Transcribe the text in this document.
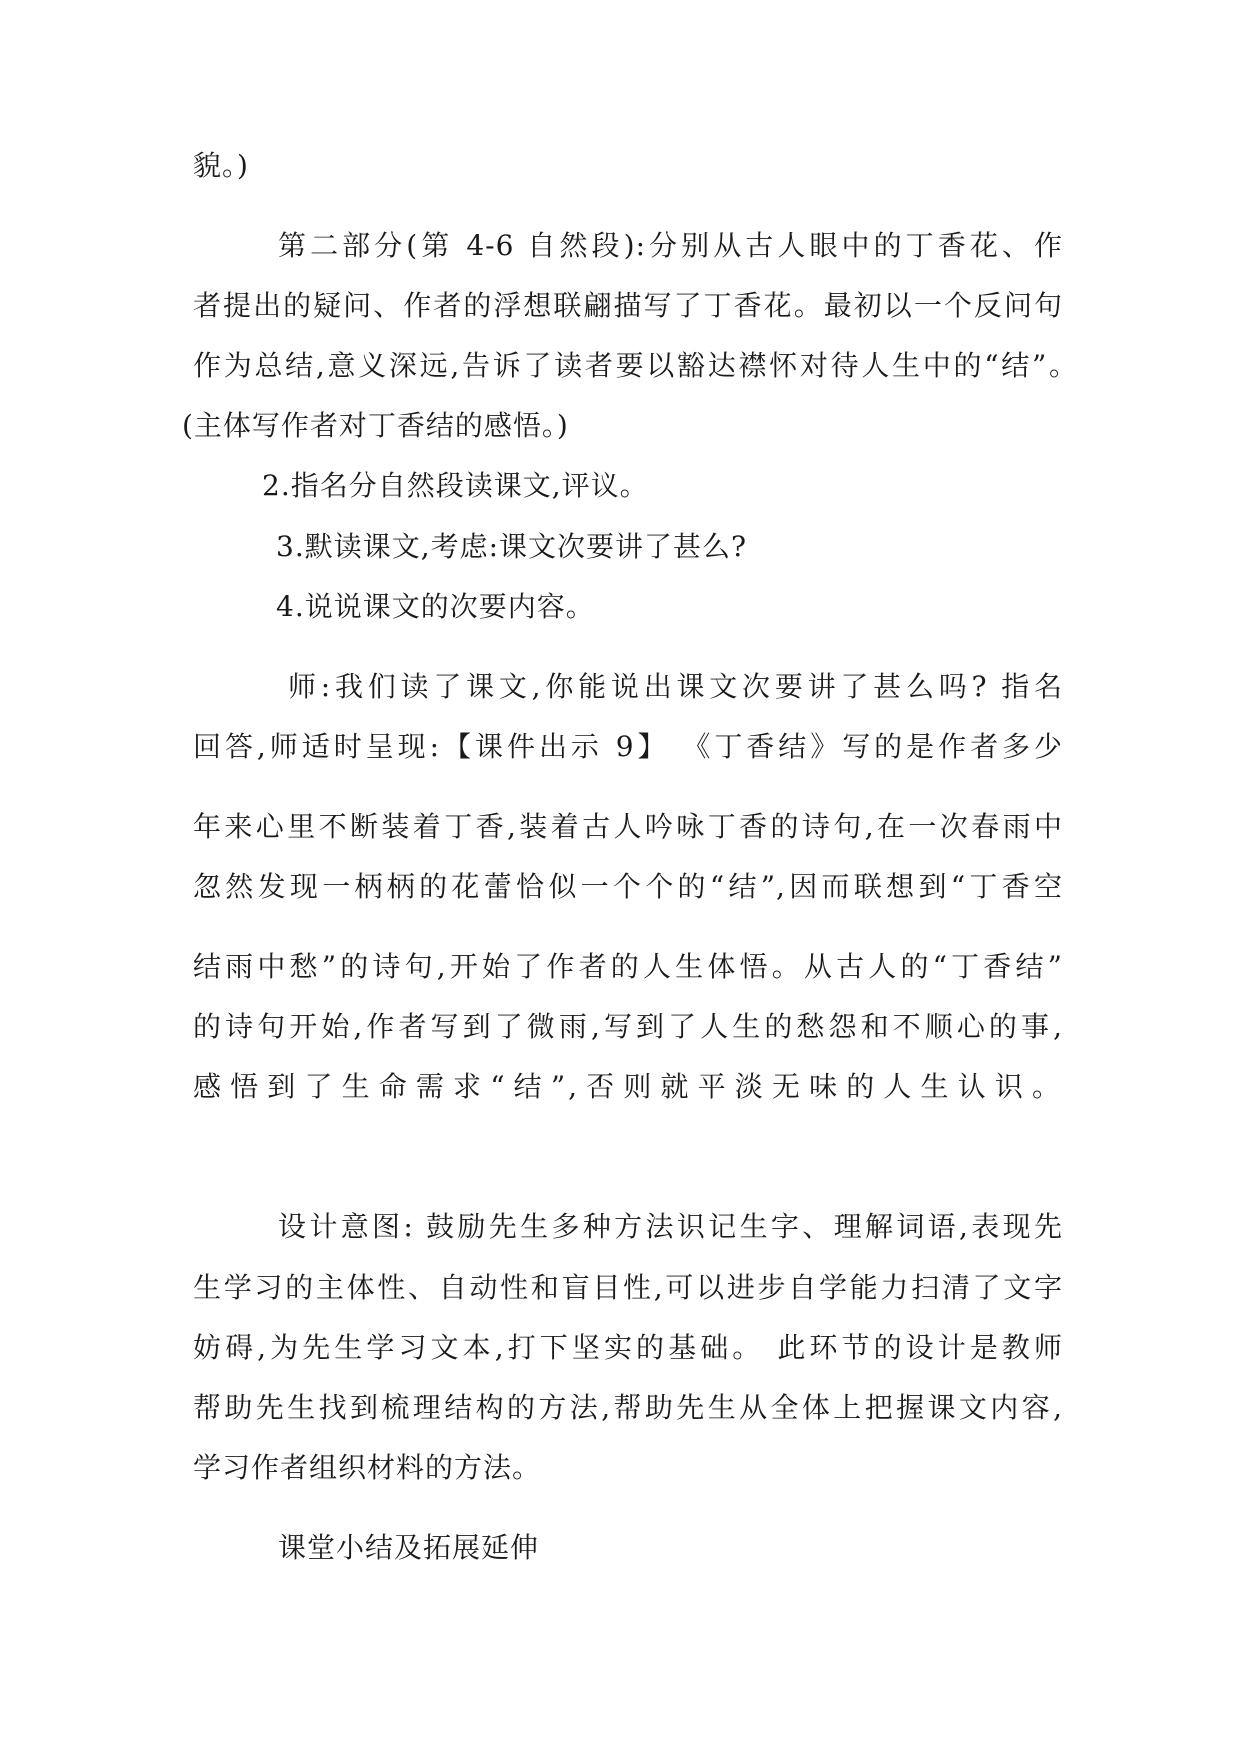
貌。)
第二部分(第 4-6 自然段):分别从古人眼中的丁香花、作
者提出的疑问、作者的浮想联翩描写了丁香花。最初以一个反问句
作为总结,意义深远,告诉了读者要以豁达襟怀对待人生中的“结”。
(主体写作者对丁香结的感悟。)
2.指名分自然段读课文,评议。
3.默读课文,考虑:课文次要讲了甚么?
4.说说课文的次要内容。
师:我们读了课文,你能说出课文次要讲了甚么吗? 指名
回答,师适时呈现:【课件出示 9】 《丁香结》写的是作者多少
年来心里不断装着丁香,装着古人吟咏丁香的诗句,在一次春雨中
忽然发现一柄柄的花蕾恰似一个个的“结”,因而联想到“丁香空
结雨中愁”的诗句,开始了作者的人生体悟。从古人的“丁香结”
的诗句开始,作者写到了微雨,写到了人生的愁怨和不顺心的事,
感悟到了生命需求“结”,否则就平淡无味的人生认识。
设计意图: 鼓励先生多种方法识记生字、理解词语,表现先
生学习的主体性、自动性和盲目性,可以进步自学能力扫清了文字
妨碍,为先生学习文本,打下坚实的基础。 此环节的设计是教师
帮助先生找到梳理结构的方法,帮助先生从全体上把握课文内容,
学习作者组织材料的方法。
课堂小结及拓展延伸
